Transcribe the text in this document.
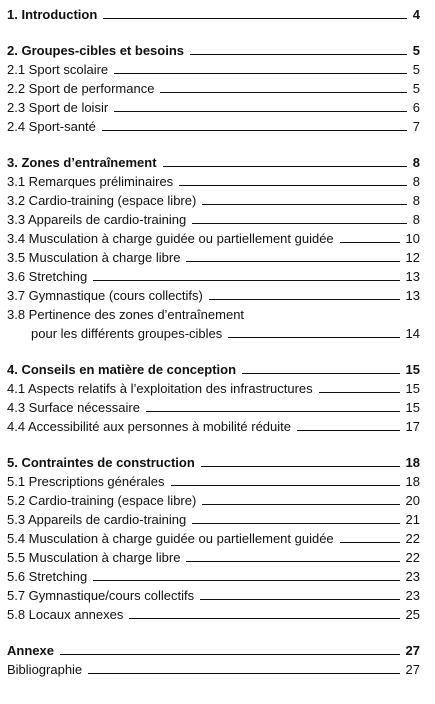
1. Introduction	4
2. Groupes-cibles et besoins	5
2.1 Sport scolaire	5
2.2 Sport de performance	5
2.3 Sport de loisir	6
2.4 Sport-santé	7
3. Zones d’entraînement	8
3.1 Remarques préliminaires	8
3.2 Cardio-training (espace libre)	8
3.3 Appareils de cardio-training	8
3.4 Musculation à charge guidée ou partiellement guidée	10
3.5 Musculation à charge libre	12
3.6 Stretching	13
3.7 Gymnastique (cours collectifs)	13
3.8 Pertinence des zones d’entraînement
pour les différents groupes-cibles	14
4. Conseils en matière de conception	15
4.1 Aspects relatifs à l’exploitation des infrastructures	15
4.3 Surface nécessaire	15
4.4 Accessibilité aux personnes à mobilité réduite	17
5. Contraintes de construction	18
5.1 Prescriptions générales	18
5.2 Cardio-training (espace libre)	20
5.3 Appareils de cardio-training	21
5.4 Musculation à charge guidée ou partiellement guidée	22
5.5 Musculation à charge libre	22
5.6 Stretching	23
5.7 Gymnastique/cours collectifs	23
5.8 Locaux annexes	25
Annexe	27
Bibliographie	27
